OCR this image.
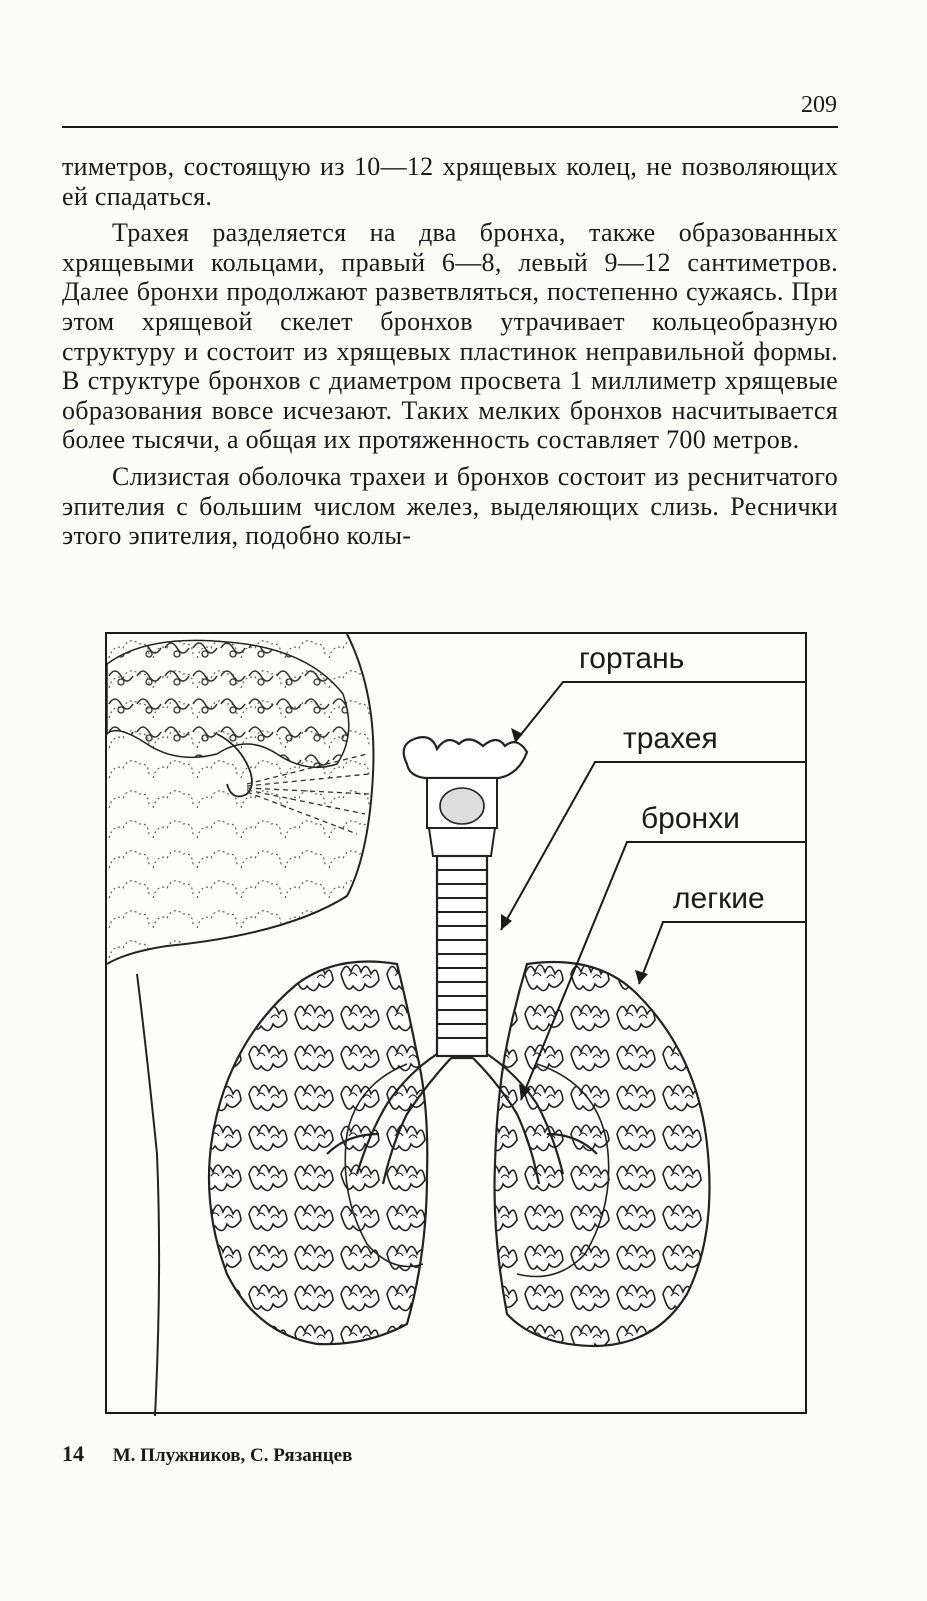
209

тиметров, состоящую из 10—12 хрящевых колец, не позволяющих ей спадаться.

Трахея разделяется на два бронха, также образованных хрящевыми кольцами, правый 6—8, левый 9—12 сантиметров. Далее бронхи продолжают разветвляться, постепенно сужаясь. При этом хрящевой скелет бронхов утрачивает кольцеобразную структуру и состоит из хрящевых пластинок неправильной формы. В структуре бронхов с диаметром просвета 1 миллиметр хрящевые образования вовсе исчезают. Таких мелких бронхов насчитывается более тысячи, а общая их протяженность составляет 700 метров.

Слизистая оболочка трахеи и бронхов состоит из реснитчатого эпителия с большим числом желез, выделяющих слизь. Реснички этого эпителия, подобно колы-

гортань
трахея
бронхи
легкие
14 М. Плужников, С. Рязанцев
